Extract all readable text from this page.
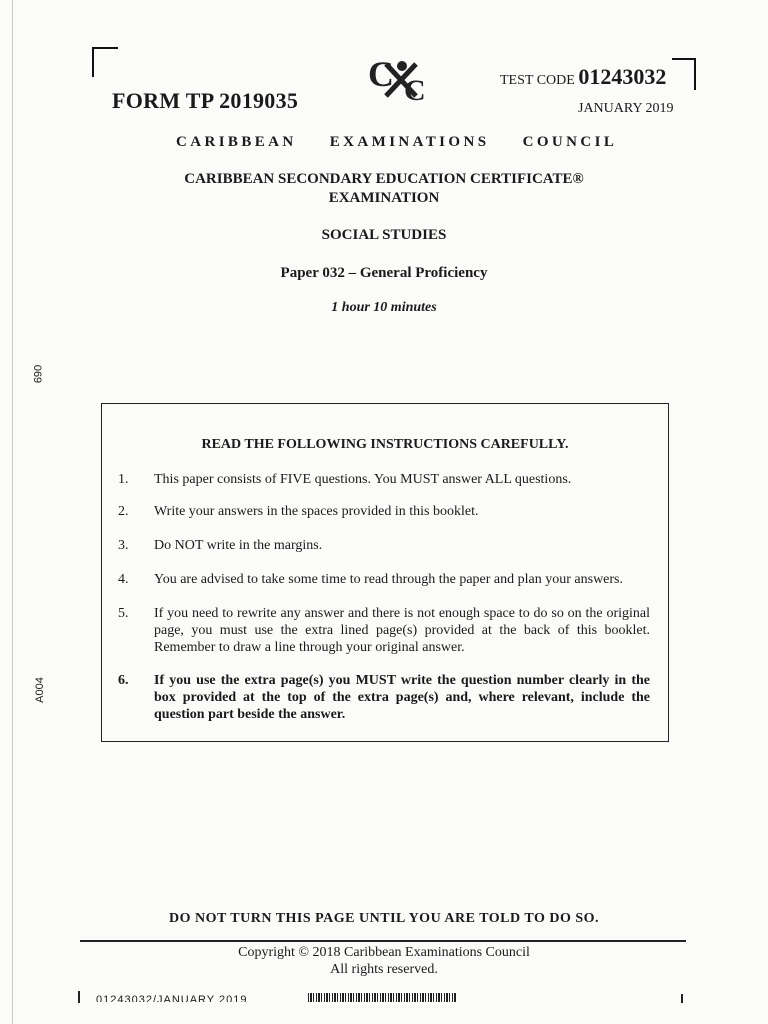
FORM TP 2019035
C C	TEST CODE 01243032
JANUARY 2019
CARIBBEAN EXAMINATIONS COUNCIL
CARIBBEAN SECONDARY EDUCATION CERTIFICATE®
EXAMINATION
SOCIAL STUDIES
Paper 032 – General Proficiency
1 hour 10 minutes
069
A004
READ THE FOLLOWING INSTRUCTIONS CAREFULLY.
1.	This paper consists of FIVE questions. You MUST answer ALL questions.
2.	Write your answers in the spaces provided in this booklet.
3.	Do NOT write in the margins.
4.	You are advised to take some time to read through the paper and plan your answers.
5.	If you need to rewrite any answer and there is not enough space to do so on the original page, you must use the extra lined page(s) provided at the back of this booklet. Remember to draw a line through your original answer.
6.	If you use the extra page(s) you MUST write the question number clearly in the box provided at the top of the extra page(s) and, where relevant, include the question part beside the answer.
DO NOT TURN THIS PAGE UNTIL YOU ARE TOLD TO DO SO.
Copyright © 2018 Caribbean Examinations Council
All rights reserved.
01243032/JANUARY 2019
